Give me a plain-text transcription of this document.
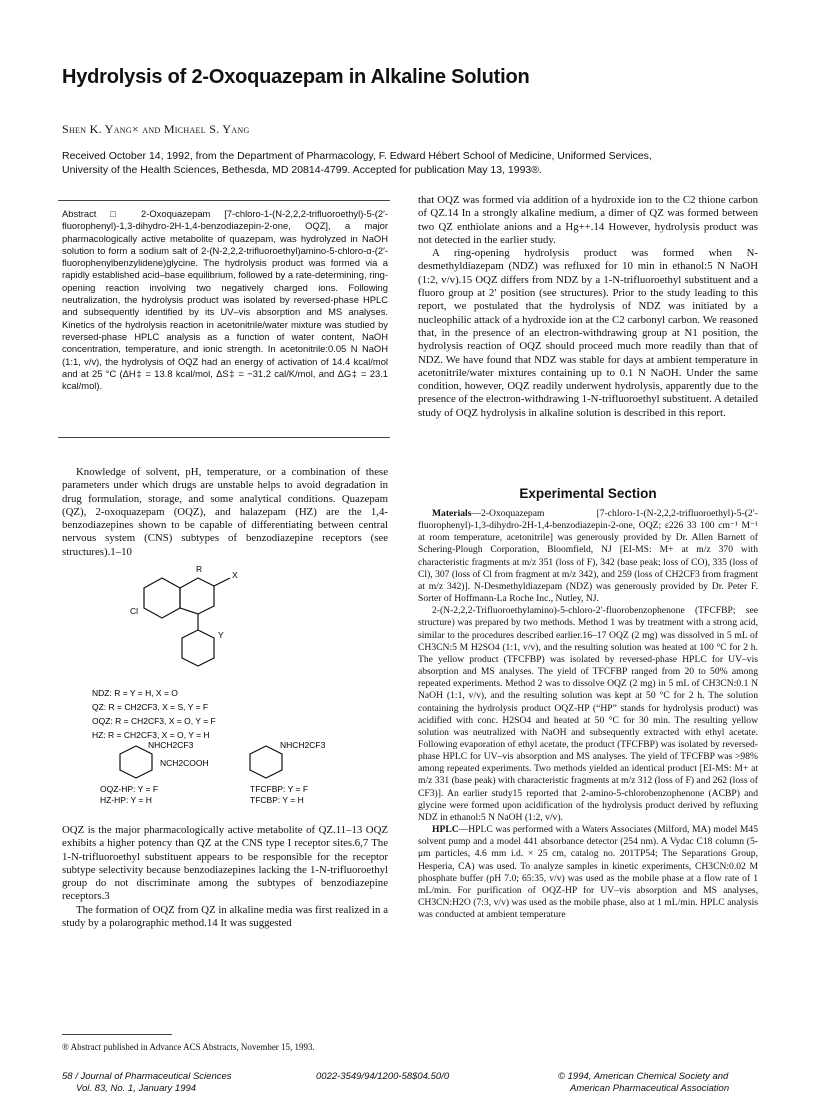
Hydrolysis of 2-Oxoquazepam in Alkaline Solution
Shen K. Yang× and Michael S. Yang
Received October 14, 1992, from the Department of Pharmacology, F. Edward Hébert School of Medicine, Uniformed Services,
University of the Health Sciences, Bethesda, MD 20814-4799. Accepted for publication May 13, 1993®.
Abstract □ 2-Oxoquazepam [7-chloro-1-(N-2,2,2-trifluoroethyl)-5-(2′-fluorophenyl)-1,3-dihydro-2H-1,4-benzodiazepin-2-one, OQZ], a major pharmacologically active metabolite of quazepam, was hydrolyzed in NaOH solution to form a sodium salt of 2-(N-2,2,2-trifluoroethyl)amino-5-chloro-α-(2′-fluorophenylbenzylidene)glycine. The hydrolysis product was formed via a rapidly established acid–base equilibrium, followed by a rate-determining, ring-opening reaction involving two negatively charged ions. Following neutralization, the hydrolysis product was isolated by reversed-phase HPLC and subsequently identified by its UV–vis absorption and MS analyses. Kinetics of the hydrolysis reaction in acetonitrile/water mixture was studied by reversed-phase HPLC analysis as a function of water content, NaOH concentration, temperature, and ionic strength. In acetonitrile:0.05 N NaOH (1:1, v/v), the hydrolysis of OQZ had an energy of activation of 14.4 kcal/mol and at 25 °C (ΔH‡ = 13.8 kcal/mol, ΔS‡ = −31.2 cal/K/mol, and ΔG‡ = 23.1 kcal/mol).

Knowledge of solvent, pH, temperature, or a combination of these parameters under which drugs are unstable helps to avoid degradation in drug formulation, storage, and some analytical conditions. Quazepam (QZ), 2-oxoquazepam (OQZ), and halazepam (HZ) are the 1,4-benzodiazepines shown to be capable of differentiating between central nervous system (CNS) subtypes of benzodiazepine receptors (see structures).1–10

R
X
Cl
Y
NDZ: R = Y = H, X = O
QZ: R = CH2CF3, X = S, Y = F
OQZ: R = CH2CF3, X = O, Y = F
HZ: R = CH2CF3, X = O, Y = H
NHCH2CF3
NCH2COOH
NHCH2CF3
OQZ-HP: Y = F
HZ-HP: Y = H
TFCFBP: Y = F
TFCBP: Y = H

OQZ is the major pharmacologically active metabolite of QZ.11–13 OQZ exhibits a higher potency than QZ at the CNS type I receptor sites.6,7 The 1-N-trifluoroethyl substituent appears to be responsible for the receptor subtype selectivity because benzodiazepines lacking the 1-N-trifluoroethyl group do not discriminate among the subtypes of benzodiazepine receptors.3

The formation of OQZ from QZ in alkaline media was first realized in a study by a polarographic method.14 It was suggested

® Abstract published in Advance ACS Abstracts, November 15, 1993.

that OQZ was formed via addition of a hydroxide ion to the C2 thione carbon of QZ.14 In a strongly alkaline medium, a dimer of QZ was formed between two QZ enthiolate anions and a Hg++.14 However, hydrolysis product was not detected in the earlier study.

A ring-opening hydrolysis product was formed when N-desmethyldiazepam (NDZ) was refluxed for 10 min in ethanol:5 N NaOH (1:2, v/v).15 OQZ differs from NDZ by a 1-N-trifluoroethyl substituent and a fluoro group at 2′ position (see structures). Prior to the study leading to this report, we postulated that the hydrolysis of NDZ was initiated by a nucleophilic attack of a hydroxide ion at the C2 carbonyl carbon. We reasoned that, in the presence of an electron-withdrawing group at N1 position, the hydrolysis reaction of OQZ should proceed much more readily than that of NDZ. We have found that NDZ was stable for days at ambient temperature in acetonitrile/water mixtures containing up to 0.1 N NaOH. Under the same condition, however, OQZ readily underwent hydrolysis, apparently due to the presence of the electron-withdrawing 1-N-trifluoroethyl substituent. A detailed study of OQZ hydrolysis in alkaline solution is described in this report.

Experimental Section

Materials—2-Oxoquazepam [7-chloro-1-(N-2,2,2-trifluoroethyl)-5-(2′-fluorophenyl)-1,3-dihydro-2H-1,4-benzodiazepin-2-one, OQZ; ε226 33 100 cm⁻¹ M⁻¹ at room temperature, acetonitrile] was generously provided by Dr. Allen Barnett of Schering-Plough Corporation, Bloomfield, NJ [EI-MS: M+ at m/z 370 with characteristic fragments at m/z 351 (loss of F), 342 (base peak; loss of CO), 335 (loss of Cl), 307 (loss of Cl from fragment at m/z 342), and 259 (loss of CH2CF3 from fragment at m/z 342)]. N-Desmethyldiazepam (NDZ) was generously provided by Dr. Peter F. Sorter of Hoffmann-La Roche Inc., Nutley, NJ.

2-(N-2,2,2-Trifluoroethylamino)-5-chloro-2′-fluorobenzophenone (TFCFBP; see structure) was prepared by two methods. Method 1 was by treatment with a strong acid, similar to the procedures described earlier.16–17 OQZ (2 mg) was dissolved in 5 mL of CH3CN:5 M H2SO4 (1:1, v/v), and the resulting solution was heated at 100 °C for 2 h. The yellow product (TFCFBP) was isolated by reversed-phase HPLC for UV–vis absorption and MS analyses. The yield of TFCFBP ranged from 20 to 50% among repeated experiments. Method 2 was to dissolve OQZ (2 mg) in 5 mL of CH3CN:0.1 N NaOH (1:1, v/v), and the resulting solution was kept at 50 °C for 2 h. The solution containing the hydrolysis product OQZ-HP (“HP” stands for hydrolysis product) was acidified with conc. H2SO4 and heated at 50 °C for 30 min. The resulting yellow solution was neutralized with NaOH and subsequently extracted with ethyl acetate. Following evaporation of ethyl acetate, the product (TFCFBP) was isolated by reversed-phase HPLC for UV–vis absorption and MS analyses. The yield of TFCFBP was >98% among repeated experiments. Two methods yielded an identical product [EI-MS: M+ at m/z 331 (base peak) with characteristic fragments at m/z 312 (loss of F) and 262 (loss of CF3)]. An earlier study15 reported that 2-amino-5-chlorobenzophenone (ACBP) and glycine were formed upon acidification of the hydrolysis product derived by refluxing NDZ in ethanol:5 N NaOH (1:2, v/v).

HPLC—HPLC was performed with a Waters Associates (Milford, MA) model M45 solvent pump and a model 441 absorbance detector (254 nm). A Vydac C18 column (5-μm particles, 4.6 mm i.d. × 25 cm, catalog no. 201TP54; The Separations Group, Hesperia, CA) was used. To analyze samples in kinetic experiments, CH3CN:0.02 M phosphate buffer (pH 7.0; 65:35, v/v) was used as the mobile phase at a flow rate of 1 mL/min. For purification of OQZ-HP for UV–vis absorption and MS analyses, CH3CN:H2O (7:3, v/v) was used as the mobile phase, also at 1 mL/min. HPLC analysis was conducted at ambient temperature

58 / Journal of Pharmaceutical Sciences
Vol. 83, No. 1, January 1994
0022-3549/94/1200-58$04.50/0	© 1994, American Chemical Society and
American Pharmaceutical Association
